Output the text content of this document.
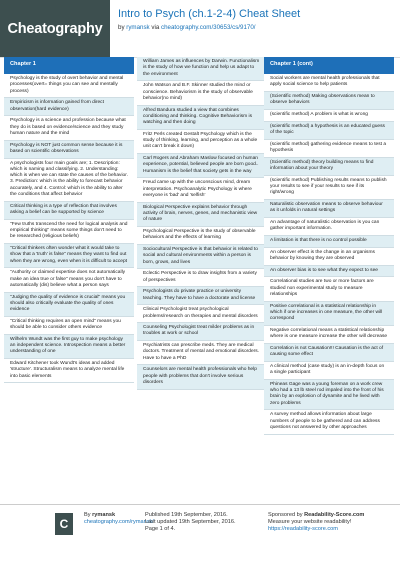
Cheatography
Intro to Psych (ch.1-2-4) Cheat Sheet
by rymansk via cheatography.com/30653/cs/9170/
Chapter 1
Psychology is the study of overt behavior and mental processes(overt= things you can see and mentally process)
Empiricism is information gained from direct observation(hard evidence)
Psychology is a science and profession because what they do is based on evidence/science and they study human nature and the mind
Psychology is NOT just common sense because it is based on scientific observations
A psychologists four main goals are; 1. Description: which is naming and classifying. 2. Understanding: which is when we can state the causes of the behavior. 3. Prediction: which is the ability to forecast behavior accurately, and 4. Control: which is the ability to alter the conditions that affect behavior
Critical thinking is a type of reflection that involves asking a belief can be supported by science
"Few truths transcend the need for logical analysis and empirical thinking" means some things don't need to be researched (religious beliefs)
"Critical thinkers often wonder what it would take to show that a 'truth' is false" means they want to find out when they are wrong, even when it is difficult to accept
"Authority or claimed expertise does not automatically make an idea true or false" means you don't have to automatically (dis) believe what a person says
"Judging the quality of evidence is crucial" means you should also critically evaluate the quality of ones evidence
"Critical thinking requires an open mind" means you should be able to consider others evidence
Wilhelm Wundt was the first guy to make psychology an independent science. Introspection means a better understanding of one
Edward Kitchener took Wundt's ideas and added 'structure'. Structuralism means to analyze mental life into basic elements
William James as influences by Darwin. Functionalism is the study of how we function and help us adapt to the environment
John Watson and B.F. Skinner studied the mind or conscience. Behaviorism is the study of observable behavior(no mind)
Alfred Bandura studied a view that combines conditioning and thinking. Cognitive Behaviorism is watching and then doing
Fritz Perls created Gestalt Psychology which is the study of thinking, learning, and perception as a whole unit can't break it down)
Carl Rogers and Abraham Maslow focused on human experience, potential, believed people are born good.. Humanism is the belief that society gets in the way
Freud came up with the unconscious mind, dream interpretation. Psychoanalytic Psychology is where everyone is 'bad' and 'selfish'
Biological Perspective explains behavior through activity of brain, nerves, genes, and mechanistic view of nature
Psychological Perspective is the study of observable behaviors and the effects of learning
Sociocultural Perspective is that behavior is related to social and cultural environments within a person is born, grows, and lives
Eclectic Perspective is to draw insights from a variety of perspectives
Psychologists do private practice or university teaching. They have to have a doctorate and license
Clinical Psychologist treat psychological problems/research on therapies and mental disorders
Counseling Psychologist treat milder problems as in troubles at work or school
Psychiatrists can prescribe meds. They are medical doctors. Treatment of mental and emotional disorders. Have to have a PhD
Counselors are mental health professionals who help people with problems that don't involve serious disorders
Chapter 1 (cont)
Social workers are mental health professionals that apply social science to help patients
(Scientific method) Making observations mean to observe behaviors
(scientific method) A problem is what is wrong
(scientific method) a hypothesis is an educated guess of the topic
(scientific method) gathering evidence means to test a hypothesis
(Scientific method) theory building means to find information about your theory
(scientific method) Publishing results means to publish your results to see if your results to see if its right/wrong
Naturalistic observation means to observe behaviour as it unfolds in natural settings
An advantage of naturalistic observation is you can gather important information.
A limitation is that there is no control possible
An observer effect is the change in an organisms behavior by knowing they are observed
An observer bias is to see what they expect to see
Correlational studies are two or more factors are studied non experimental study to measure relationships
Positive correlational is a statistical relationship in which if one increases in one measure, the other will correspond
Negative correlational means a statistical relationship where is one measure increase the other will decrease
Correlation is not Causation!!! Causation is the act of causing some effect
A clinical method (case study) is an in-depth focus on a single participant
Phineas Gage was a young foreman on a work crew who had a 13 lb steel rod impaled into the front of his brain by an explosion of dynamite and he lived with zero problems
A survey method allows information about large numbers of people to be gathered and can address questions not answered by other approaches
C
By rymansk
cheatography.com/rymansk/
Published 19th September, 2016.
Last updated 19th September, 2016.
Page 1 of 4.
Sponsored by Readability-Score.com
Measure your website readability!
https://readability-score.com
